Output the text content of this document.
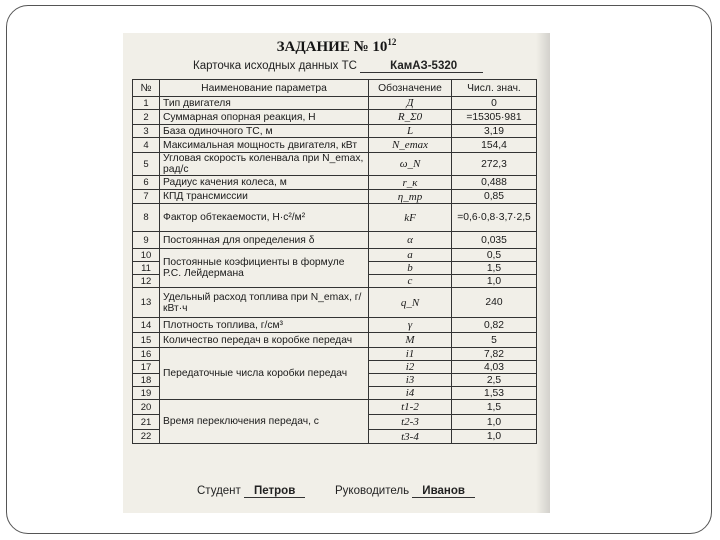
ЗАДАНИЕ № $10^{12}$
Карточка исходных данных ТС	КамАЗ-5320
№	Наименование параметра	Обозначение	Числ. знач.
1	Тип двигателя	Д	0
2	Суммарная опорная реакция, Н	R_Σ0	=15305·981
3	База одиночного ТС, м	L	3,19
4	Максимальная мощность двигателя, кВт	N_emax	154,4
5	Угловая скорость коленвала при N_emax, рад/с	ω_N	272,3
6	Радиус качения колеса, м	r_к	0,488
7	КПД трансмиссии	η_тр	0,85
8	Фактор обтекаемости, Н·с²/м²	kF	=0,6·0,8·3,7·2,5
9	Постоянная для определения δ	α	0,035
10	Постоянные коэфициенты в формуле Р.С. Лейдермана	a	0,5
11		b	1,5
12		c	1,0
13	Удельный расход топлива при N_emax, г/кВт·ч	q_N	240
14	Плотность топлива, г/см³	γ	0,82
15	Количество передач в коробке передач	M	5
16	Передаточные числа коробки передач	i1	7,82
17		i2	4,03
18		i3	2,5
19		i4	1,53
20	Время переключения передач, с	t1-2	1,5
21		t2-3	1,0
22		t3-4	1,0
Студент Петров	Руководитель Иванов
